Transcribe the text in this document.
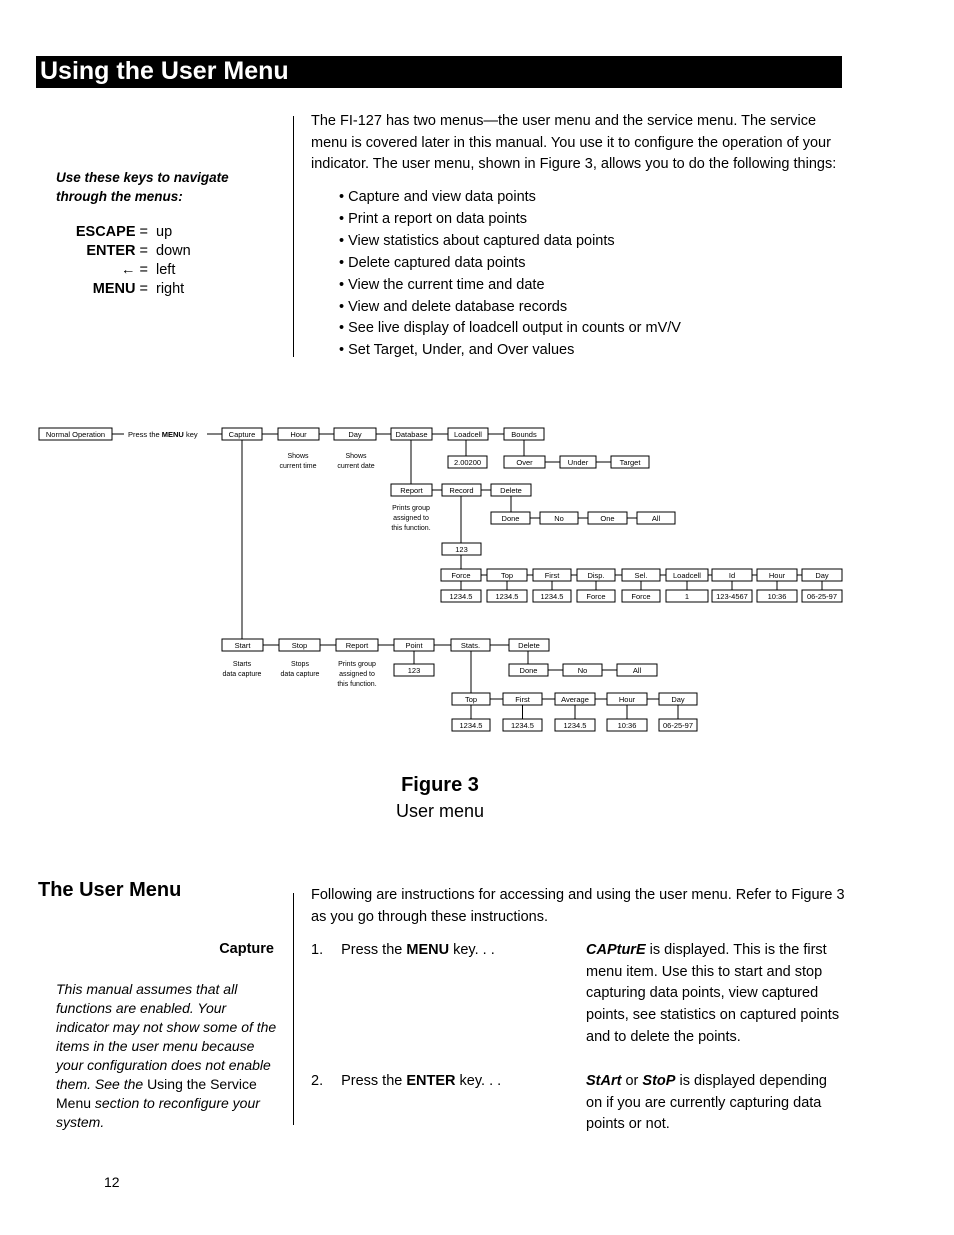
Using the User Menu
Use these keys to navigate through the menus:
ESCAPE = up
ENTER = down
← = left
MENU = right
The FI-127 has two menus—the user menu and the service menu. The service menu is covered later in this manual. You use it to configure the operation of your indicator. The user menu, shown in Figure 3, allows you to do the following things:
• Capture and view data points
• Print a report on data points
• View statistics about captured data points
• Delete captured data points
• View the current time and date
• View and delete database records
• See live display of loadcell output in counts or mV/V
• Set Target, Under, and Over values
Normal Operation	Capture	Hour	Day	Database	Loadcell	Bounds
2.00200	Over	Under	Target
Report	Record	Delete
Done	No	One	All
123
Force
1234.5
Top
1234.5
First
1234.5
Disp.
Force
Sel.
Force
Loadcell
1
Id
123-4567
Hour
10:36
Day
06-25-97
Start	Stop	Report	Point	Stats.	Delete
123	Done	No	All
Top
1234.5
First
1234.5
Average
1234.5
Hour
10:36
Day
06-25-97
Press the MENU key
Shows current time
Shows current date
Prints group assigned to this function.
Starts data capture
Stops data capture
Prints group assigned to this function.
Figure 3
User menu
The User Menu
Capture
This manual assumes that all functions are enabled. Your indicator may not show some of the items in the user menu because your configuration does not enable them. See the Using the Service Menu section to reconfigure your system.
Following are instructions for accessing and using the user menu. Refer to Figure 3 as you go through these instructions.
1. Press the MENU key. . .	CAPturE is displayed. This is the first menu item. Use this to start and stop capturing data points, view captured points, see statistics on captured points and to delete the points.
2. Press the ENTER key. . .	StArt or StoP is displayed depending on if you are currently capturing data points or not.
12
